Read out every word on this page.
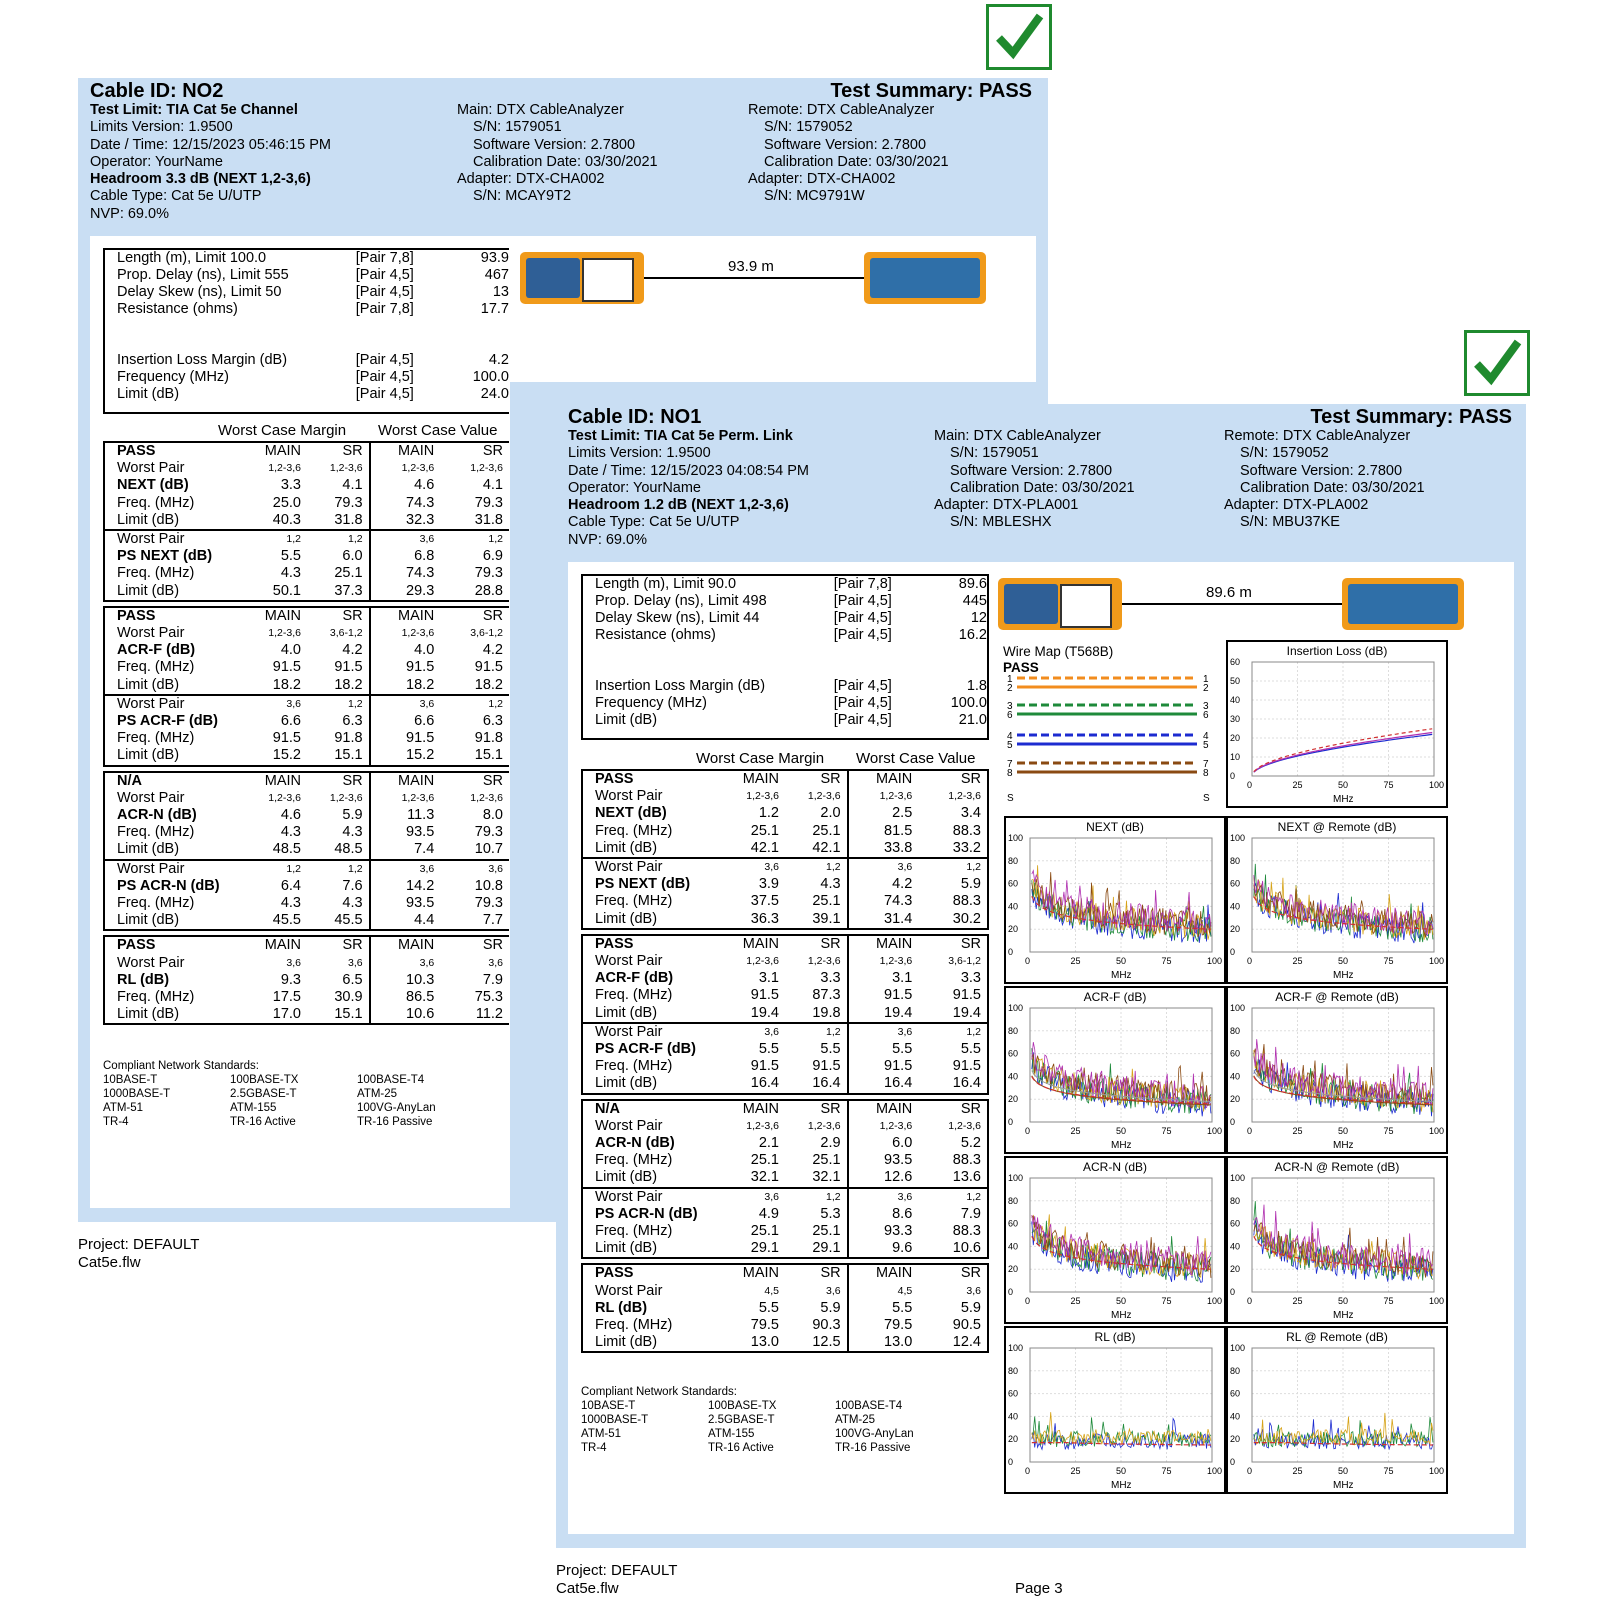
Cable ID: NO2	Test Summary: PASS
Test Limit: TIA Cat 5e Channel
Limits Version: 1.9500
Date / Time: 12/15/2023 05:46:15 PM
Operator: YourName
Headroom 3.3 dB (NEXT 1,2-3,6)
Cable Type: Cat 5e U/UTP
NVP: 69.0%
Main: DTX CableAnalyzer
S/N: 1579051
Software Version: 2.7800
Calibration Date: 03/30/2021
Adapter: DTX-CHA002
S/N: MCAY9T2
Remote: DTX CableAnalyzer
S/N: 1579052
Software Version: 2.7800
Calibration Date: 03/30/2021
Adapter: DTX-CHA002
S/N: MC9791W
Length (m), Limit 100.0	[Pair 7,8]	93.9
Prop. Delay (ns), Limit 555	[Pair 4,5]	467
Delay Skew (ns), Limit 50	[Pair 4,5]	13
Resistance (ohms)	[Pair 7,8]	17.7
Insertion Loss Margin (dB)	[Pair 4,5]	4.2
Frequency (MHz)	[Pair 4,5]	100.0
Limit (dB)	[Pair 4,5]	24.0
93.9 m
Worst Case Margin Worst Case Value
PASS	MAIN	SR	MAIN	SR
Worst Pair	1,2-3,6	1,2-3,6	1,2-3,6	1,2-3,6
NEXT (dB)	3.3	4.1	4.6	4.1
Freq. (MHz)	25.0	79.3	74.3	79.3
Limit (dB)	40.3	31.8	32.3	31.8
Worst Pair	1,2	1,2	3,6	1,2
PS NEXT (dB)	5.5	6.0	6.8	6.9
Freq. (MHz)	4.3	25.1	74.3	79.3
Limit (dB)	50.1	37.3	29.3	28.8
PASS	MAIN	SR	MAIN	SR
Worst Pair	1,2-3,6	3,6-1,2	1,2-3,6	3,6-1,2
ACR-F (dB)	4.0	4.2	4.0	4.2
Freq. (MHz)	91.5	91.5	91.5	91.5
Limit (dB)	18.2	18.2	18.2	18.2
Worst Pair	3,6	1,2	3,6	1,2
PS ACR-F (dB)	6.6	6.3	6.6	6.3
Freq. (MHz)	91.5	91.8	91.5	91.8
Limit (dB)	15.2	15.1	15.2	15.1
N/A	MAIN	SR	MAIN	SR
Worst Pair	1,2-3,6	1,2-3,6	1,2-3,6	1,2-3,6
ACR-N (dB)	4.6	5.9	11.3	8.0
Freq. (MHz)	4.3	4.3	93.5	79.3
Limit (dB)	48.5	48.5	7.4	10.7
Worst Pair	1,2	1,2	3,6	3,6
PS ACR-N (dB)	6.4	7.6	14.2	10.8
Freq. (MHz)	4.3	4.3	93.5	79.3
Limit (dB)	45.5	45.5	4.4	7.7
PASS	MAIN	SR	MAIN	SR
Worst Pair	3,6	3,6	3,6	3,6
RL (dB)	9.3	6.5	10.3	7.9
Freq. (MHz)	17.5	30.9	86.5	75.3
Limit (dB)	17.0	15.1	10.6	11.2
Compliant Network Standards:
10BASE-T	100BASE-TX	100BASE-T4
1000BASE-T	2.5GBASE-T	ATM-25
ATM-51	ATM-155	100VG-AnyLan
TR-4	TR-16 Active	TR-16 Passive
Project: DEFAULT
Cat5e.flw
Cable ID: NO1	Test Summary: PASS
Test Limit: TIA Cat 5e Perm. Link
Limits Version: 1.9500
Date / Time: 12/15/2023 04:08:54 PM
Operator: YourName
Headroom 1.2 dB (NEXT 1,2-3,6)
Cable Type: Cat 5e U/UTP
NVP: 69.0%
Main: DTX CableAnalyzer
S/N: 1579051
Software Version: 2.7800
Calibration Date: 03/30/2021
Adapter: DTX-PLA001
S/N: MBLESHX
Remote: DTX CableAnalyzer
S/N: 1579052
Software Version: 2.7800
Calibration Date: 03/30/2021
Adapter: DTX-PLA002
S/N: MBU37KE
Length (m), Limit 90.0	[Pair 7,8]	89.6
Prop. Delay (ns), Limit 498	[Pair 4,5]	445
Delay Skew (ns), Limit 44	[Pair 4,5]	12
Resistance (ohms)	[Pair 4,5]	16.2
Insertion Loss Margin (dB)	[Pair 4,5]	1.8
Frequency (MHz)	[Pair 4,5]	100.0
Limit (dB)	[Pair 4,5]	21.0
89.6 m
Worst Case Margin Worst Case Value
PASS	MAIN	SR	MAIN	SR
Worst Pair	1,2-3,6	1,2-3,6	1,2-3,6	1,2-3,6
NEXT (dB)	1.2	2.0	2.5	3.4
Freq. (MHz)	25.1	25.1	81.5	88.3
Limit (dB)	42.1	42.1	33.8	33.2
Worst Pair	3,6	1,2	3,6	1,2
PS NEXT (dB)	3.9	4.3	4.2	5.9
Freq. (MHz)	37.5	25.1	74.3	88.3
Limit (dB)	36.3	39.1	31.4	30.2
PASS	MAIN	SR	MAIN	SR
Worst Pair	1,2-3,6	1,2-3,6	1,2-3,6	3,6-1,2
ACR-F (dB)	3.1	3.3	3.1	3.3
Freq. (MHz)	91.5	87.3	91.5	91.5
Limit (dB)	19.4	19.8	19.4	19.4
Worst Pair	3,6	1,2	3,6	1,2
PS ACR-F (dB)	5.5	5.5	5.5	5.5
Freq. (MHz)	91.5	91.5	91.5	91.5
Limit (dB)	16.4	16.4	16.4	16.4
N/A	MAIN	SR	MAIN	SR
Worst Pair	1,2-3,6	1,2-3,6	1,2-3,6	1,2-3,6
ACR-N (dB)	2.1	2.9	6.0	5.2
Freq. (MHz)	25.1	25.1	93.5	88.3
Limit (dB)	32.1	32.1	12.6	13.6
Worst Pair	3,6	1,2	3,6	1,2
PS ACR-N (dB)	4.9	5.3	8.6	7.9
Freq. (MHz)	25.1	25.1	93.3	88.3
Limit (dB)	29.1	29.1	9.6	10.6
PASS	MAIN	SR	MAIN	SR
Worst Pair	4,5	3,6	4,5	3,6
RL (dB)	5.5	5.9	5.5	5.9
Freq. (MHz)	79.5	90.3	79.5	90.5
Limit (dB)	13.0	12.5	13.0	12.4
Compliant Network Standards:
10BASE-T	100BASE-TX	100BASE-T4
1000BASE-T	2.5GBASE-T	ATM-25
ATM-51	ATM-155	100VG-AnyLan
TR-4	TR-16 Active	TR-16 Passive
Wire Map (T568B)
PASS
1	1
2	2
3	3
6	6
4	4
5	5
7	7
8	8
S	S
Insertion Loss (dB)
0
10
20
30
40
50
60
0	25	50	75	100
MHz
NEXT (dB)
0
20
40
60
80
100
0	25	50	75	100
MHz
NEXT @ Remote (dB)
0
20
40
60
80
100
0	25	50	75	100
MHz
ACR-F (dB)
0
20
40
60
80
100
0	25	50	75	100
MHz
ACR-F @ Remote (dB)
0
20
40
60
80
100
0	25	50	75	100
MHz
ACR-N (dB)
0
20
40
60
80
100
0	25	50	75	100
MHz
ACR-N @ Remote (dB)
0
20
40
60
80
100
0	25	50	75	100
MHz
RL (dB)
0
20
40
60
80
100
0	25	50	75	100
MHz
RL @ Remote (dB)
0
20
40
60
80
100
0	25	50	75	100
MHz
Project: DEFAULT
Cat5e.flw	Page 3
